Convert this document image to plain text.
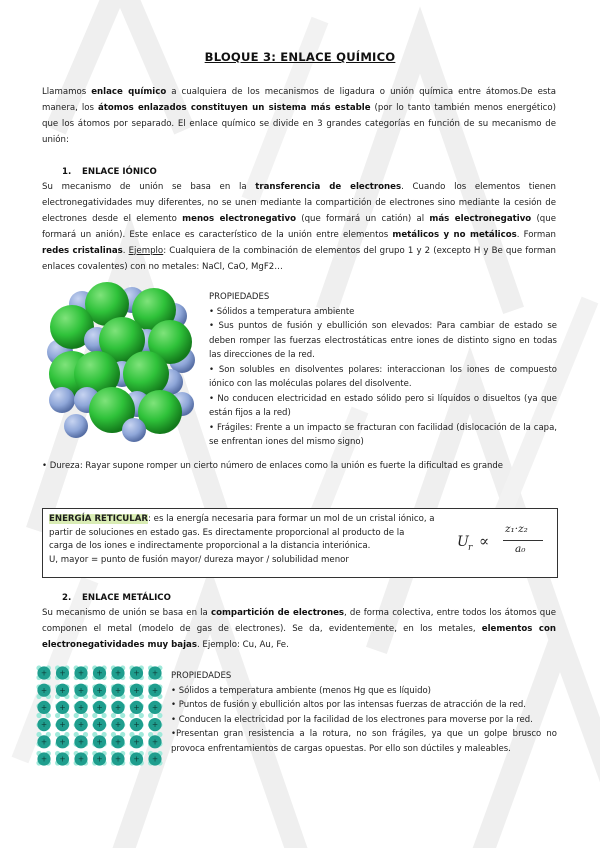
BLOQUE 3: ENLACE QUÍMICO
Llamamos enlace químico a cualquiera de los mecanismos de ligadura o unión química entre átomos.De esta manera, los átomos enlazados constituyen un sistema más estable (por lo tanto también menos energético) que los átomos por separado. El enlace químico se divide en 3 grandes categorías en función de su mecanismo de unión:
1. ENLACE IÓNICO
Su mecanismo de unión se basa en la transferencia de electrones. Cuando los elementos tienen electronegatividades muy diferentes, no se unen mediante la compartición de electrones sino mediante la cesión de electrones desde el elemento menos electronegativo (que formará un catión) al más electronegativo (que formará un anión). Este enlace es característico de la unión entre elementos metálicos y no metálicos. Forman redes cristalinas. Ejemplo: Cualquiera de la combinación de elementos del grupo 1 y 2 (excepto H y Be que forman enlaces covalentes) con no metales: NaCl, CaO, MgF2…
PROPIEDADES
• Sólidos a temperatura ambiente
• Sus puntos de fusión y ebullición son elevados: Para cambiar de estado se deben romper las fuerzas electrostáticas entre iones de distinto signo en todas las direcciones de la red.
• Son solubles en disolventes polares: interaccionan los iones de compuesto iónico con las moléculas polares del disolvente.
• No conducen electricidad en estado sólido pero si líquidos o disueltos (ya que están fijos a la red)
• Frágiles: Frente a un impacto se fracturan con facilidad (dislocación de la capa, se enfrentan iones del mismo signo)
• Dureza: Rayar supone romper un cierto número de enlaces como la unión es fuerte la dificultad es grande
ENERGÍA RETICULAR: es la energía necesaria para formar un mol de un cristal iónico, a
partir de soluciones en estado gas. Es directamente proporcional al producto de la
carga de los iones e indirectamente proporcional a la distancia interiónica.
U, mayor = punto de fusión mayor/ dureza mayor / solubilidad menor
U r ∝
z₁·z₂
a₀
2. ENLACE METÁLICO
Su mecanismo de unión se basa en la compartición de electrones, de forma colectiva, entre todos los átomos que componen el metal (modelo de gas de electrones). Se da, evidentemente, en los metales, elementos con electronegatividades muy bajas. Ejemplo: Cu, Au, Fe.
+ + + + + + +
+ + + + + + +
+ + + + + + +
+ + + + + + +
+ + + + + + +
+ + + + + + +
PROPIEDADES
• Sólidos a temperatura ambiente (menos Hg que es líquido)
• Puntos de fusión y ebullición altos por las intensas fuerzas de atracción de la red.
• Conducen la electricidad por la facilidad de los electrones para moverse por la red.
•Presentan gran resistencia a la rotura, no son frágiles, ya que un golpe brusco no provoca enfrentamientos de cargas opuestas. Por ello son dúctiles y maleables.
